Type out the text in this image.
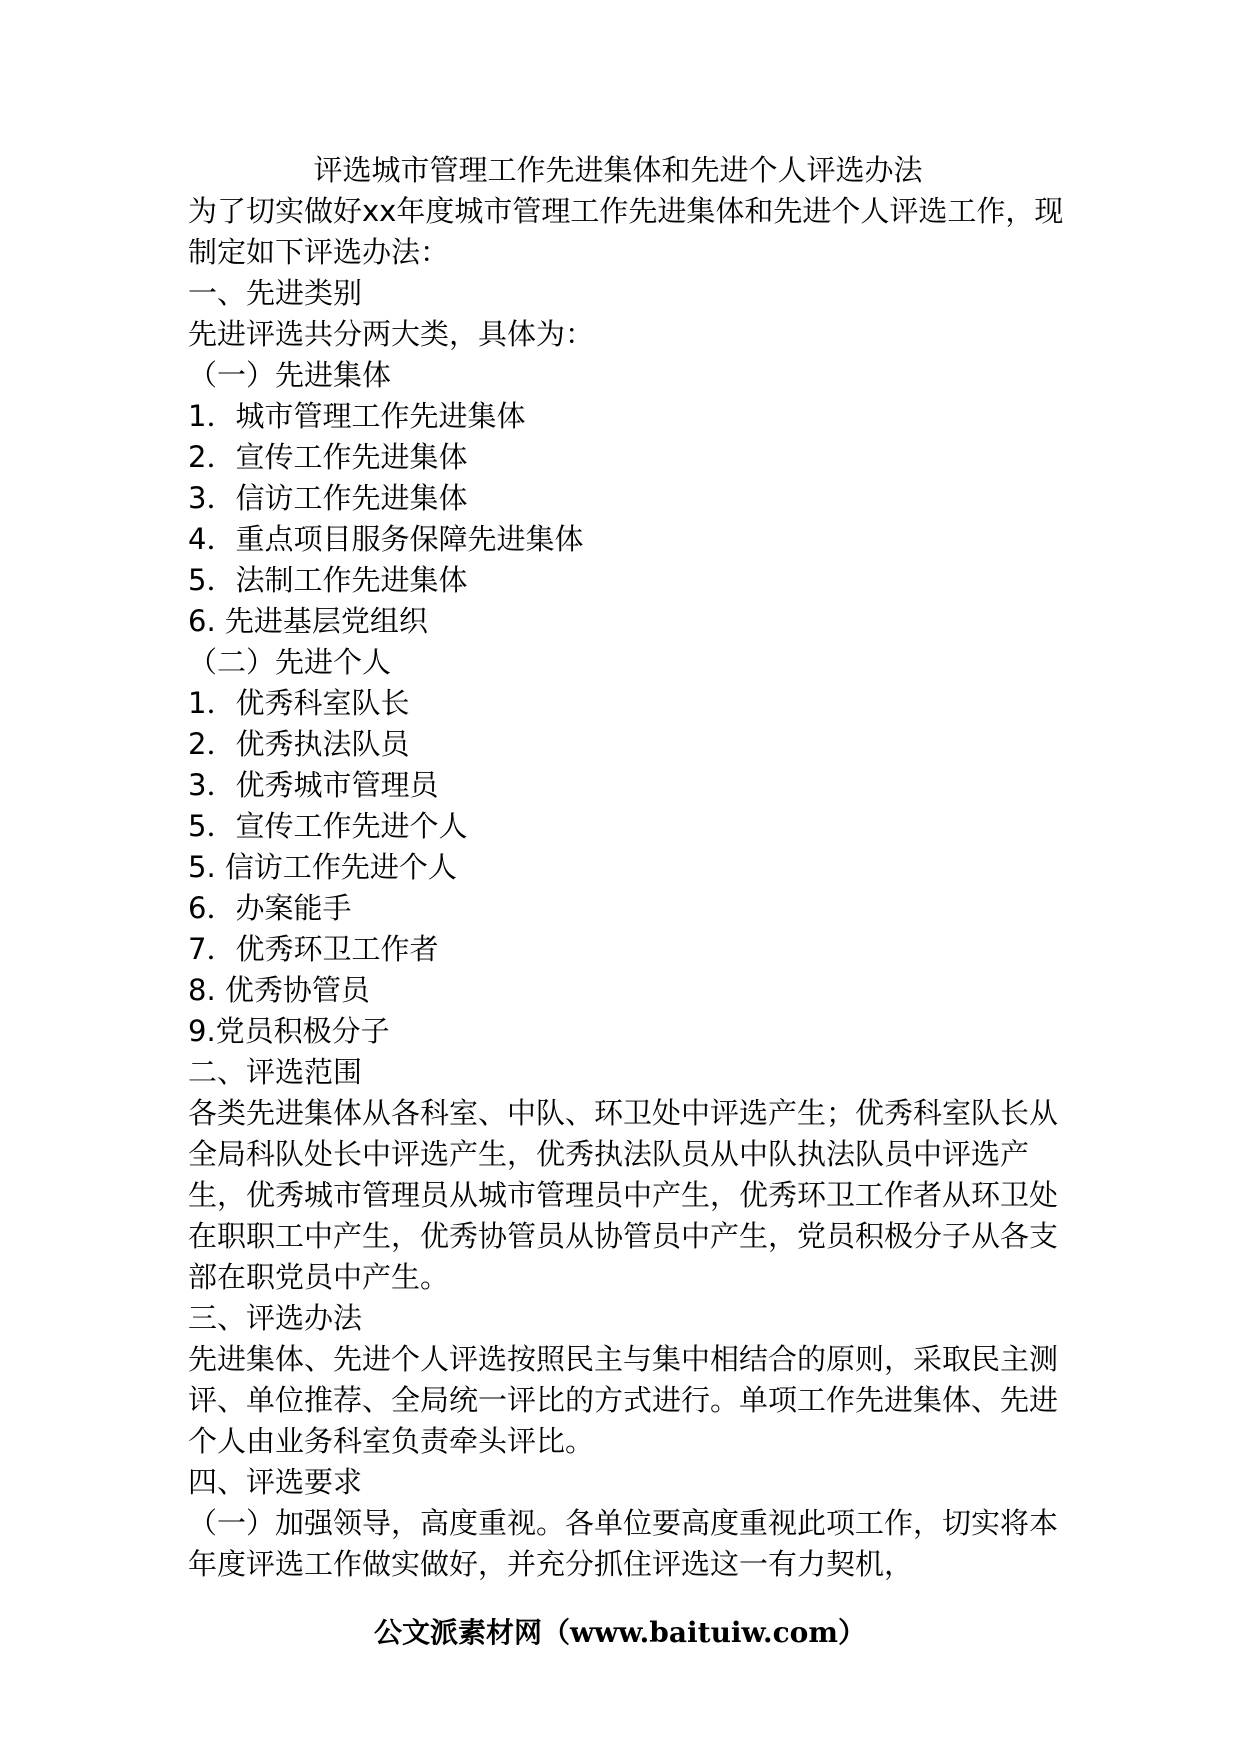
评选城市管理工作先进集体和先进个人评选办法

为了切实做好xx年度城市管理工作先进集体和先进个人评选工作，现制定如下评选办法：

一、先进类别

先进评选共分两大类，具体为：

（一）先进集体

1．城市管理工作先进集体

2．宣传工作先进集体

3．信访工作先进集体

4．重点项目服务保障先进集体

5．法制工作先进集体

6. 先进基层党组织

（二）先进个人

1．优秀科室队长

2．优秀执法队员

3．优秀城市管理员

5．宣传工作先进个人

5. 信访工作先进个人

6．办案能手

7．优秀环卫工作者

8. 优秀协管员

9.党员积极分子

二、评选范围

各类先进集体从各科室、中队、环卫处中评选产生；优秀科室队长从全局科队处长中评选产生，优秀执法队员从中队执法队员中评选产生，优秀城市管理员从城市管理员中产生，优秀环卫工作者从环卫处在职职工中产生，优秀协管员从协管员中产生，党员积极分子从各支部在职党员中产生。

三、评选办法

先进集体、先进个人评选按照民主与集中相结合的原则，采取民主测评、单位推荐、全局统一评比的方式进行。单项工作先进集体、先进个人由业务科室负责牵头评比。

四、评选要求

（一）加强领导，高度重视。各单位要高度重视此项工作，切实将本年度评选工作做实做好，并充分抓住评选这一有力契机，

公文派素材网（www.baituiw.com）
